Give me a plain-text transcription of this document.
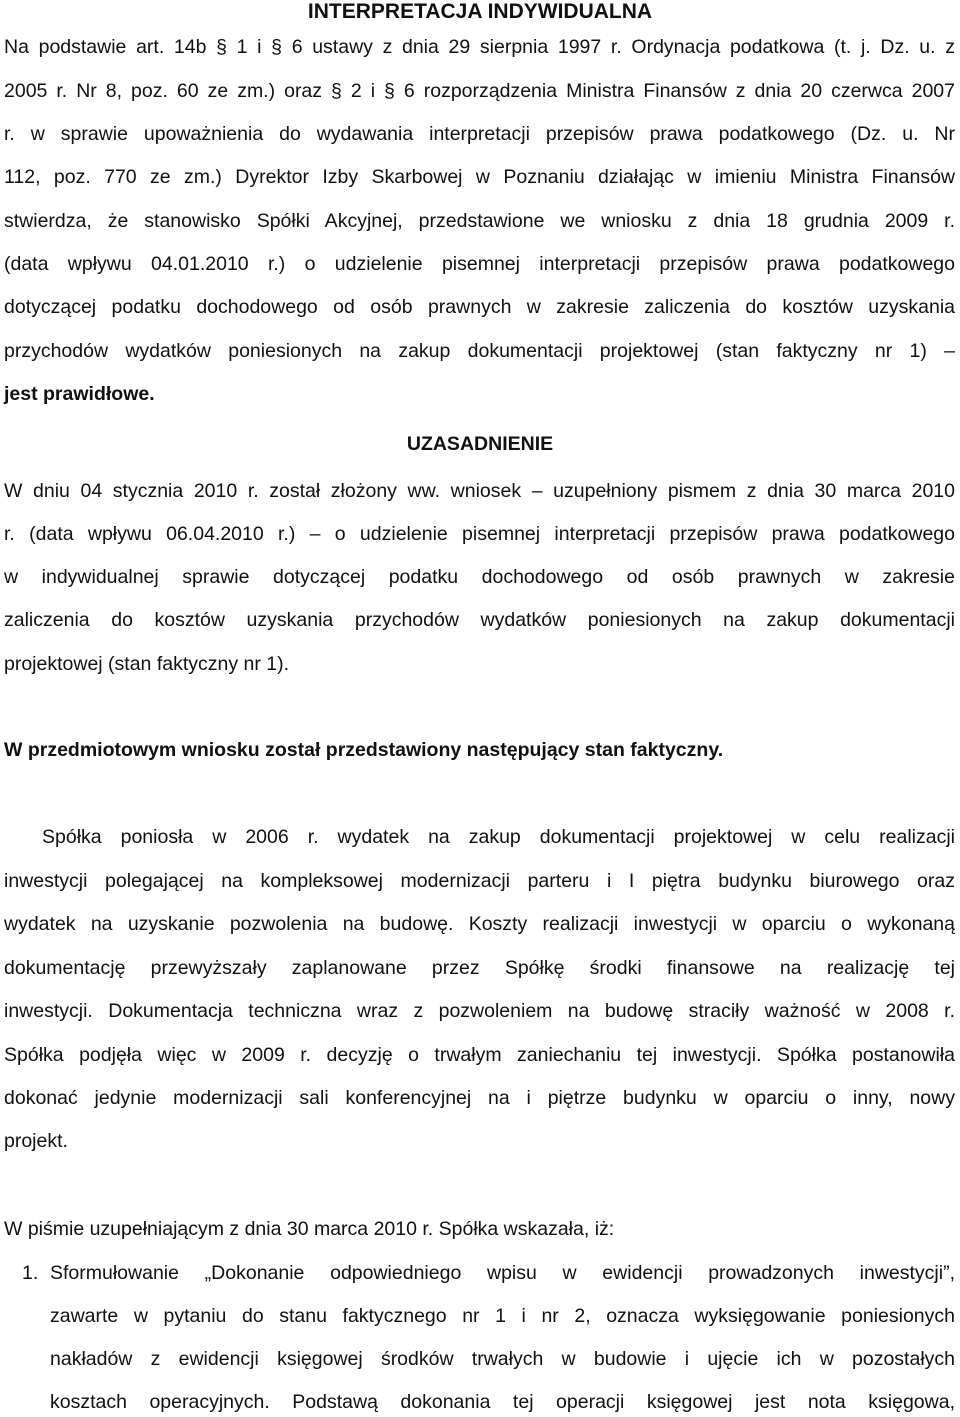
INTERPRETACJA INDYWIDUALNA
Na podstawie art. 14b § 1 i § 6 ustawy z dnia 29 sierpnia 1997 r. Ordynacja podatkowa (t. j. Dz. u. z
2005 r. Nr 8, poz. 60 ze zm.) oraz § 2 i § 6 rozporządzenia Ministra Finansów z dnia 20 czerwca 2007
r. w sprawie upoważnienia do wydawania interpretacji przepisów prawa podatkowego (Dz. u. Nr
112, poz. 770 ze zm.) Dyrektor Izby Skarbowej w Poznaniu działając w imieniu Ministra Finansów
stwierdza, że stanowisko Spółki Akcyjnej, przedstawione we wniosku z dnia 18 grudnia 2009 r.
(data wpływu 04.01.2010 r.) o udzielenie pisemnej interpretacji przepisów prawa podatkowego
dotyczącej podatku dochodowego od osób prawnych w zakresie zaliczenia do kosztów uzyskania
przychodów wydatków poniesionych na zakup dokumentacji projektowej (stan faktyczny nr 1) –
jest prawidłowe.
UZASADNIENIE
W dniu 04 stycznia 2010 r. został złożony ww. wniosek – uzupełniony pismem z dnia 30 marca 2010
r. (data wpływu 06.04.2010 r.) – o udzielenie pisemnej interpretacji przepisów prawa podatkowego
w indywidualnej sprawie dotyczącej podatku dochodowego od osób prawnych w zakresie
zaliczenia do kosztów uzyskania przychodów wydatków poniesionych na zakup dokumentacji
projektowej (stan faktyczny nr 1).
W przedmiotowym wniosku został przedstawiony następujący stan faktyczny.
Spółka poniosła w 2006 r. wydatek na zakup dokumentacji projektowej w celu realizacji
inwestycji polegającej na kompleksowej modernizacji parteru i I piętra budynku biurowego oraz
wydatek na uzyskanie pozwolenia na budowę. Koszty realizacji inwestycji w oparciu o wykonaną
dokumentację przewyższały zaplanowane przez Spółkę środki finansowe na realizację tej
inwestycji. Dokumentacja techniczna wraz z pozwoleniem na budowę straciły ważność w 2008 r.
Spółka podjęła więc w 2009 r. decyzję o trwałym zaniechaniu tej inwestycji. Spółka postanowiła
dokonać jedynie modernizacji sali konferencyjnej na i piętrze budynku w oparciu o inny, nowy
projekt.
W piśmie uzupełniającym z dnia 30 marca 2010 r. Spółka wskazała, iż:
1. Sformułowanie „Dokonanie odpowiedniego wpisu w ewidencji prowadzonych inwestycji”,
zawarte w pytaniu do stanu faktycznego nr 1 i nr 2, oznacza wyksięgowanie poniesionych
nakładów z ewidencji księgowej środków trwałych w budowie i ujęcie ich w pozostałych
kosztach operacyjnych. Podstawą dokonania tej operacji księgowej jest nota księgowa,
